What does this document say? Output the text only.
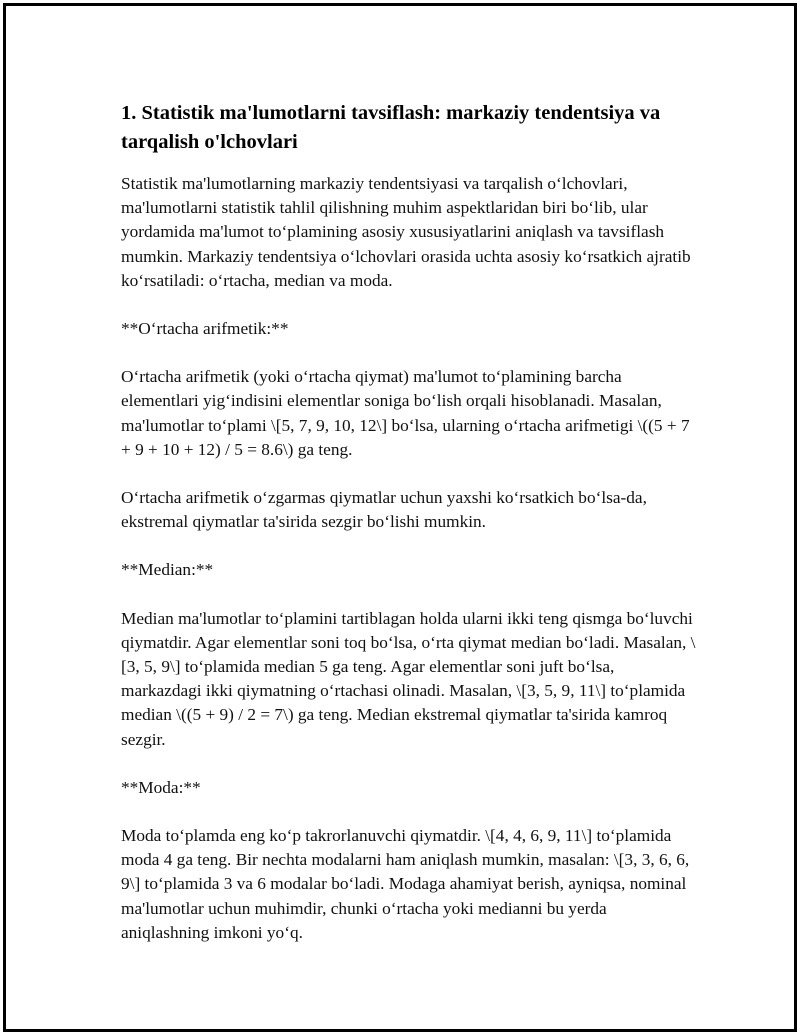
1. Statistik ma'lumotlarni tavsiflash: markaziy tendentsiya va tarqalish o'lchovlari

Statistik ma'lumotlarning markaziy tendentsiyasi va tarqalish o‘lchovlari, ma'lumotlarni statistik tahlil qilishning muhim aspektlaridan biri bo‘lib, ular yordamida ma'lumot to‘plamining asosiy xususiyatlarini aniqlash va tavsiflash mumkin. Markaziy tendentsiya o‘lchovlari orasida uchta asosiy ko‘rsatkich ajratib ko‘rsatiladi: o‘rtacha, median va moda.

**O‘rtacha arifmetik:**

O‘rtacha arifmetik (yoki o‘rtacha qiymat) ma'lumot to‘plamining barcha elementlari yig‘indisini elementlar soniga bo‘lish orqali hisoblanadi. Masalan, ma'lumotlar to‘plami \[5, 7, 9, 10, 12\] bo‘lsa, ularning o‘rtacha arifmetigi \((5 + 7 + 9 + 10 + 12) / 5 = 8.6\) ga teng.

O‘rtacha arifmetik o‘zgarmas qiymatlar uchun yaxshi ko‘rsatkich bo‘lsa-da, ekstremal qiymatlar ta'sirida sezgir bo‘lishi mumkin.

**Median:**

Median ma'lumotlar to‘plamini tartiblagan holda ularni ikki teng qismga bo‘luvchi qiymatdir. Agar elementlar soni toq bo‘lsa, o‘rta qiymat median bo‘ladi. Masalan, \[3, 5, 9\] to‘plamida median 5 ga teng. Agar elementlar soni juft bo‘lsa, markazdagi ikki qiymatning o‘rtachasi olinadi. Masalan, \[3, 5, 9, 11\] to‘plamida median \((5 + 9) / 2 = 7\) ga teng. Median ekstremal qiymatlar ta'sirida kamroq sezgir.

**Moda:**

Moda to‘plamda eng ko‘p takrorlanuvchi qiymatdir. \[4, 4, 6, 9, 11\] to‘plamida moda 4 ga teng. Bir nechta modalarni ham aniqlash mumkin, masalan: \[3, 3, 6, 6, 9\] to‘plamida 3 va 6 modalar bo‘ladi. Modaga ahamiyat berish, ayniqsa, nominal ma'lumotlar uchun muhimdir, chunki o‘rtacha yoki medianni bu yerda aniqlashning imkoni yo‘q.
